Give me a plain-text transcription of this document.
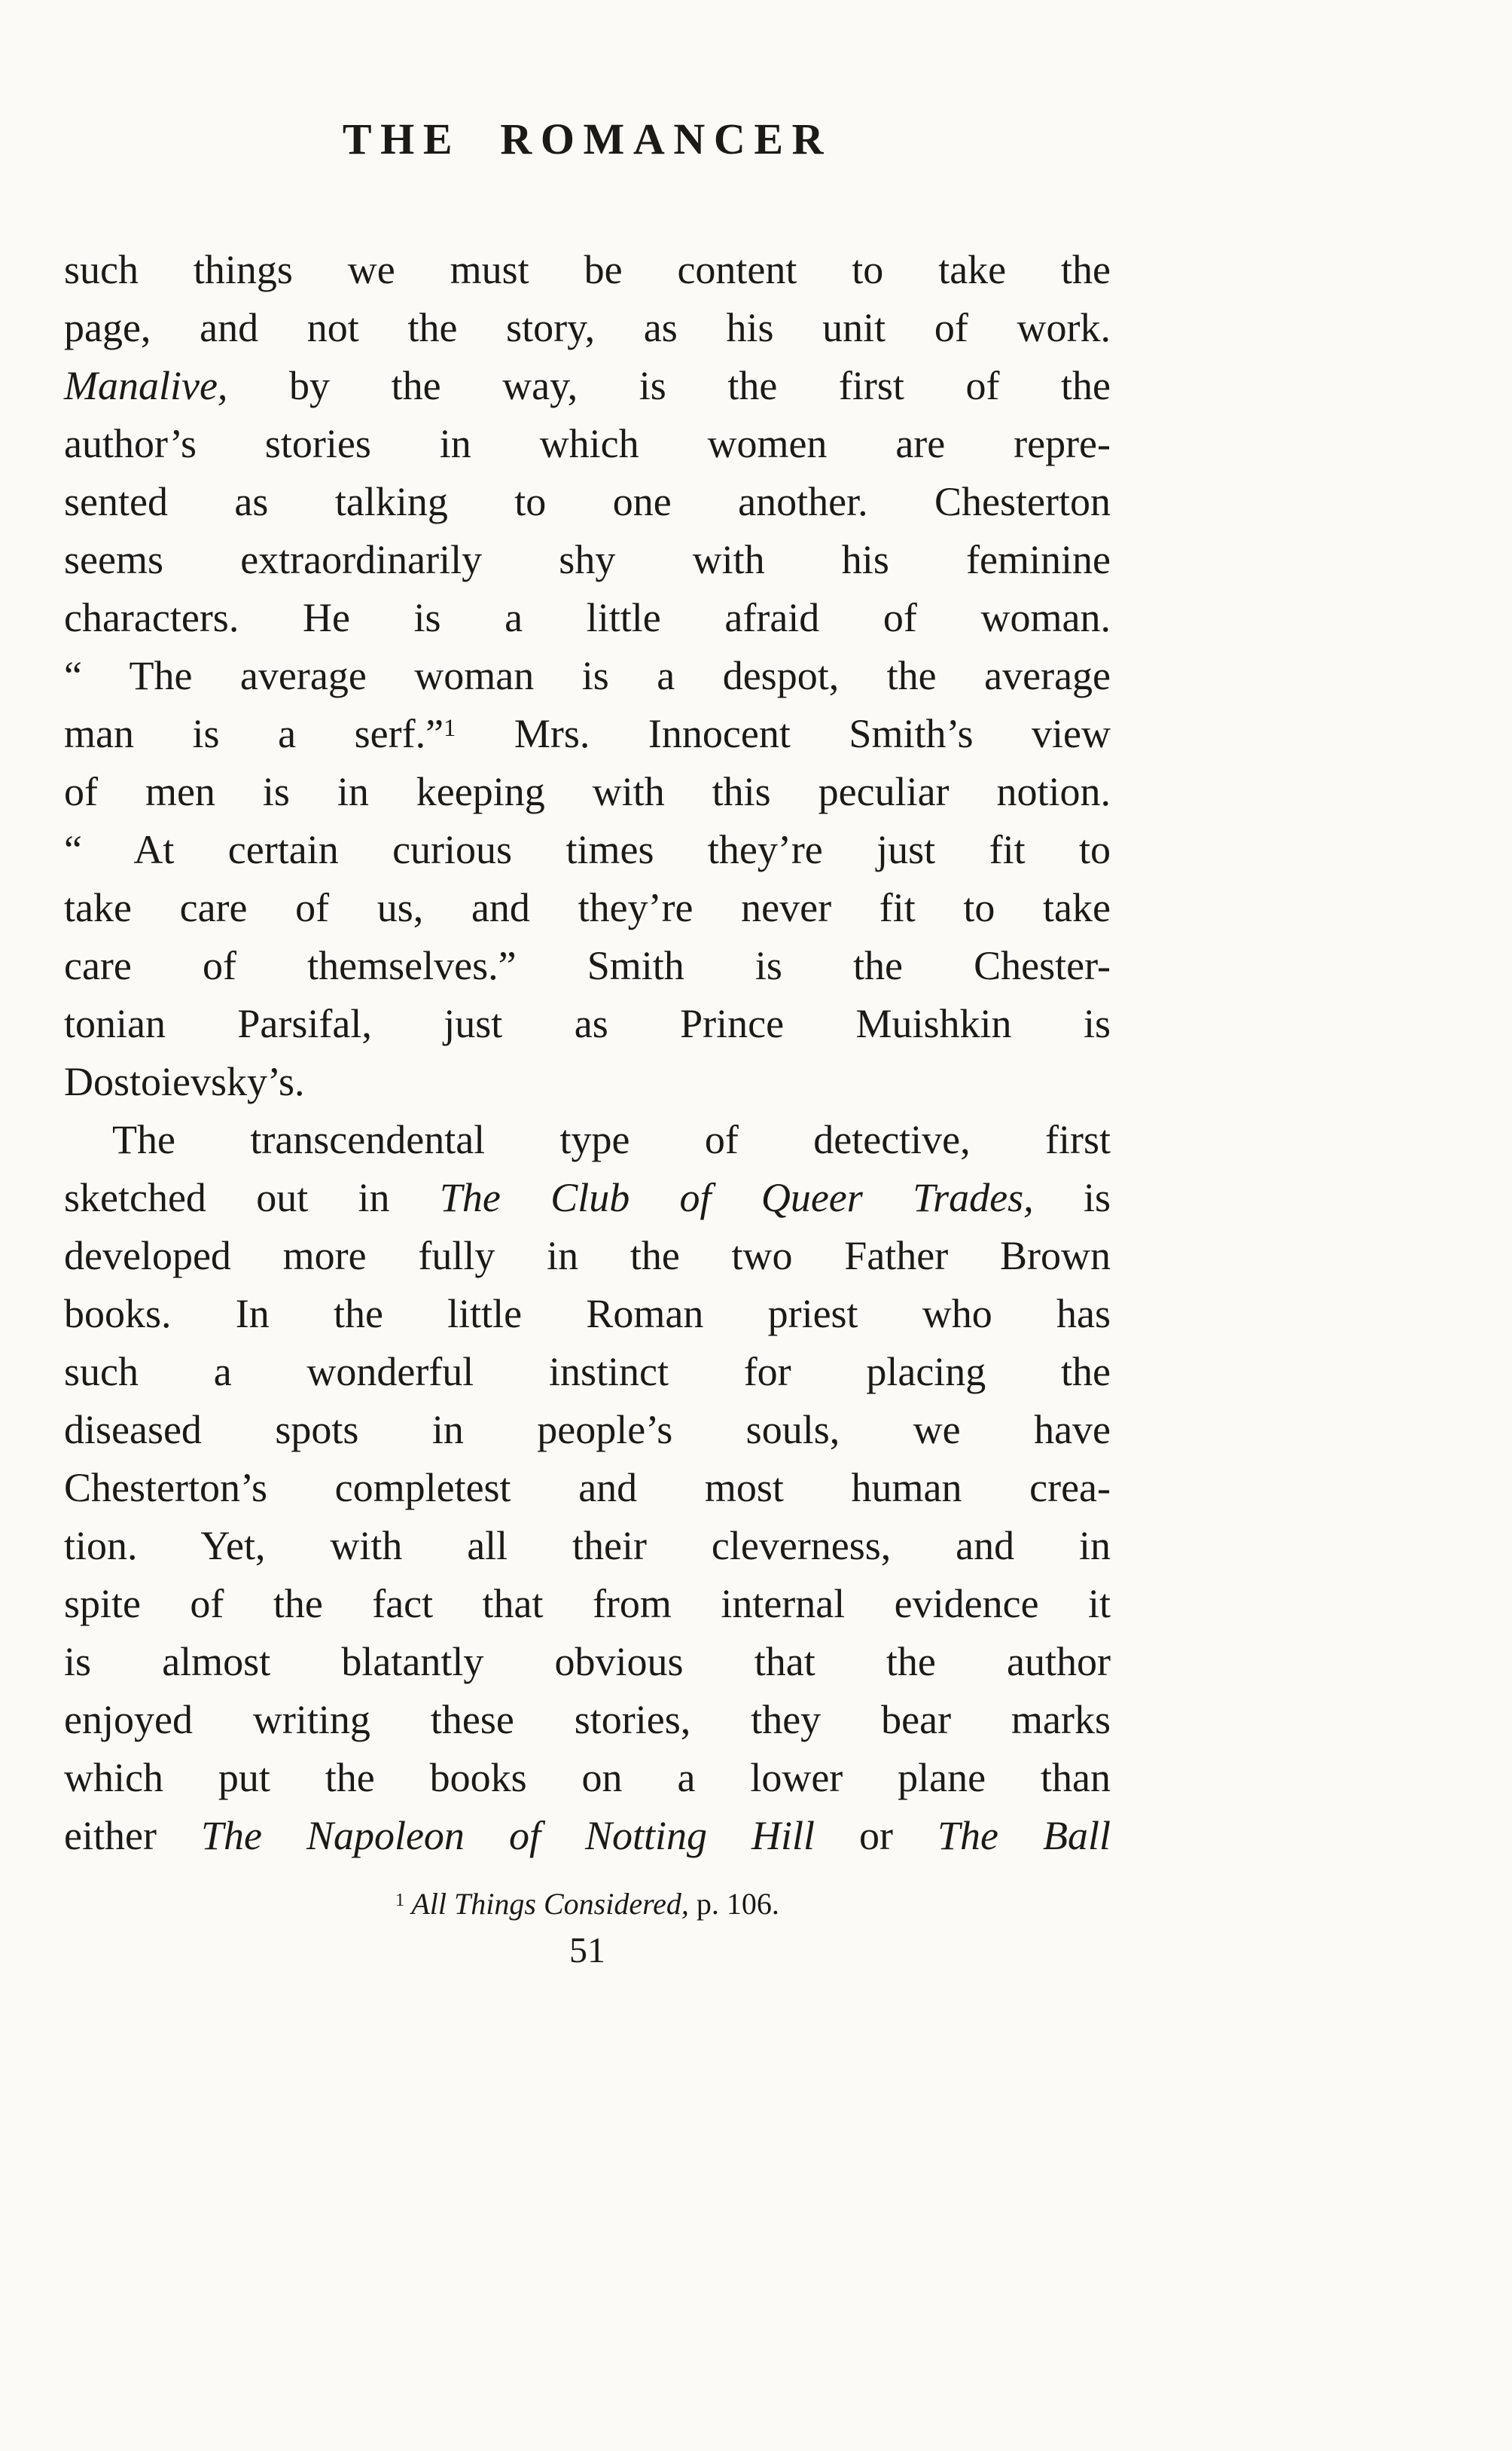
THE ROMANCER
such things we must be content to take the
page, and not the story, as his unit of work.
Manalive, by the way, is the first of the
author’s stories in which women are repre-
sented as talking to one another. Chesterton
seems extraordinarily shy with his feminine
characters. He is a little afraid of woman.
“ The average woman is a despot, the average
man is a serf.”$^1$ Mrs. Innocent Smith’s view
of men is in keeping with this peculiar notion.
“ At certain curious times they’re just fit to
take care of us, and they’re never fit to take
care of themselves.” Smith is the Chester-
tonian Parsifal, just as Prince Muishkin is
Dostoievsky’s.
The transcendental type of detective, first
sketched out in The Club of Queer Trades, is
developed more fully in the two Father Brown
books. In the little Roman priest who has
such a wonderful instinct for placing the
diseased spots in people’s souls, we have
Chesterton’s completest and most human crea-
tion. Yet, with all their cleverness, and in
spite of the fact that from internal evidence it
is almost blatantly obvious that the author
enjoyed writing these stories, they bear marks
which put the books on a lower plane than
either The Napoleon of Notting Hill or The Ball
$^1$ All Things Considered, p. 106.
51
